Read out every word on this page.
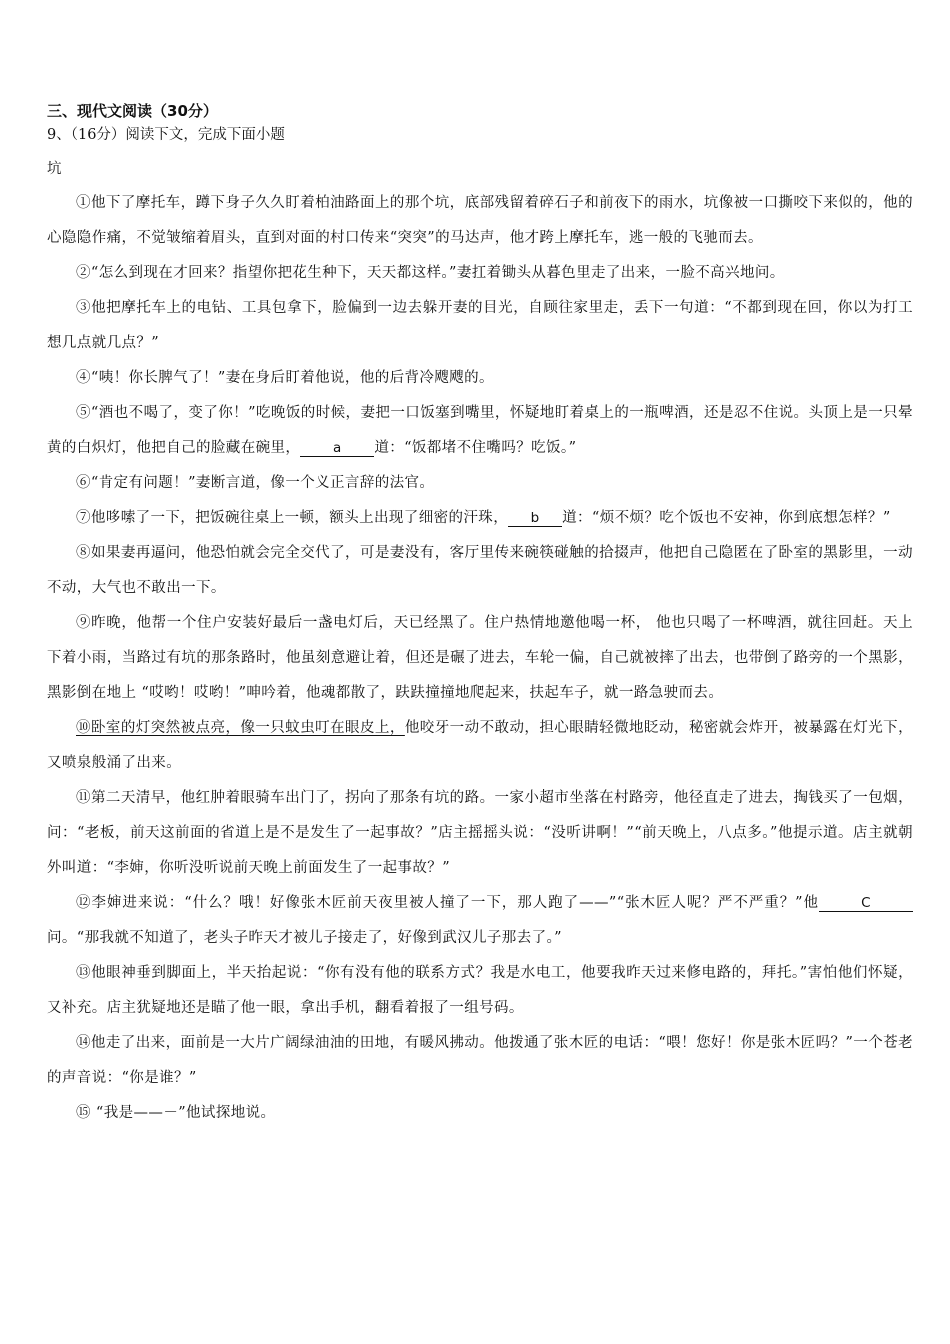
三、现代文阅读（30分）

9、（16分）阅读下文，完成下面小题

坑

①他下了摩托车，蹲下身子久久盯着柏油路面上的那个坑，底部残留着碎石子和前夜下的雨水，坑像被一口撕咬下来似的，他的心隐隐作痛，不觉皱缩着眉头，直到对面的村口传来“突突”的马达声，他才跨上摩托车，逃一般的飞驰而去。

②“怎么到现在才回来？指望你把花生种下，天天都这样。”妻扛着锄头从暮色里走了出来，一脸不高兴地问。

③他把摩托车上的电钻、工具包拿下，脸偏到一边去躲开妻的目光，自顾往家里走，丢下一句道：“不都到现在回，你以为打工想几点就几点？”

④“咦！你长脾气了！”妻在身后盯着他说，他的后背冷飕飕的。

⑤“酒也不喝了，变了你！”吃晚饭的时候，妻把一口饭塞到嘴里，怀疑地盯着桌上的一瓶啤酒，还是忍不住说。头顶上是一只晕黄的白炽灯，他把自己的脸藏在碗里， a 道：“饭都堵不住嘴吗？吃饭。”

⑥“肯定有问题！”妻断言道，像一个义正言辞的法官。

⑦他哆嗦了一下，把饭碗往桌上一顿，额头上出现了细密的汗珠， b 道：“烦不烦？吃个饭也不安神，你到底想怎样？”

⑧如果妻再逼问，他恐怕就会完全交代了，可是妻没有，客厅里传来碗筷碰触的拾掇声，他把自己隐匿在了卧室的黑影里，一动不动，大气也不敢出一下。

⑨昨晚，他帮一个住户安装好最后一盏电灯后，天已经黑了。住户热情地邀他喝一杯， 他也只喝了一杯啤酒，就往回赶。天上下着小雨，当路过有坑的那条路时，他虽刻意避让着，但还是碾了进去，车轮一偏，自己就被摔了出去，也带倒了路旁的一个黑影，黑影倒在地上 “哎哟！哎哟！”呻吟着，他魂都散了，趺趺撞撞地爬起来，扶起车子，就一路急驶而去。

⑩卧室的灯突然被点亮，像一只蚊虫叮在眼皮上，他咬牙一动不敢动，担心眼睛轻微地眨动，秘密就会炸开，被暴露在灯光下，又喷泉般涌了出来。

⑪第二天清早，他红肿着眼骑车出门了，拐向了那条有坑的路。一家小超市坐落在村路旁，他径直走了进去，掏钱买了一包烟，问：“老板，前天这前面的省道上是不是发生了一起事故？”店主摇摇头说：“没听讲啊！”“前天晚上，八点多。”他提示道。店主就朝外叫道：“李婶，你听没听说前天晚上前面发生了一起事故？”

⑫李婶进来说：“什么？哦！好像张木匠前天夜里被人撞了一下，那人跑了——”“张木匠人呢？严不严重？”他	C 问。“那我就不知道了，老头子昨天才被儿子接走了，好像到武汉儿子那去了。”

⑬他眼神垂到脚面上，半天抬起说：“你有没有他的联系方式？我是水电工，他要我昨天过来修电路的，拜托。”害怕他们怀疑，又补充。店主犹疑地还是瞄了他一眼，拿出手机，翻看着报了一组号码。

⑭他走了出来，面前是一大片广阔绿油油的田地，有暖风拂动。他拨通了张木匠的电话：“喂！您好！你是张木匠吗？”一个苍老的声音说：“你是谁？”

⑮ “我是——－”他试探地说。
